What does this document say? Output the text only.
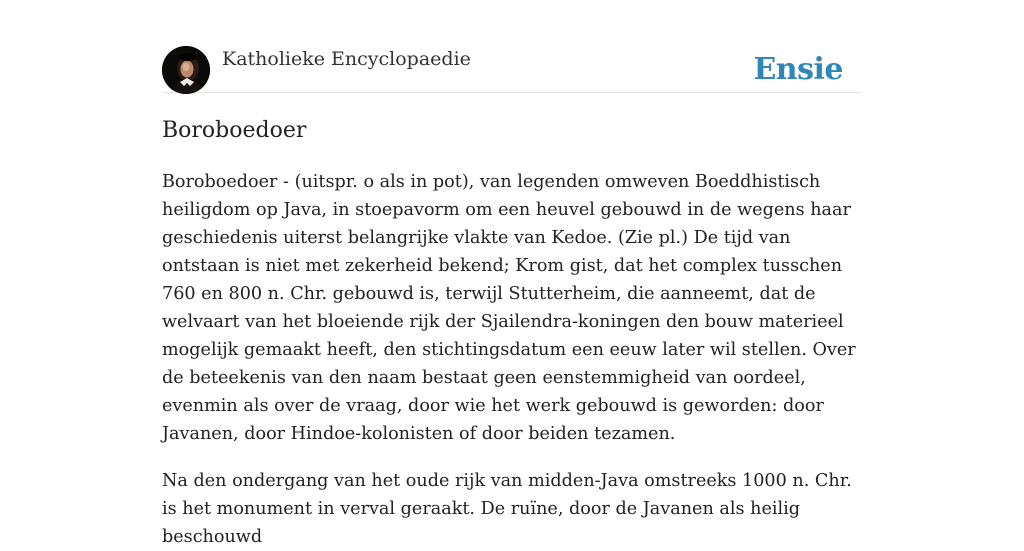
Katholieke Encyclopaedie	Ensie
Boroboedoer

Boroboedoer - (uitspr. o als in pot), van legenden omweven Boeddhistisch heiligdom op Java, in stoepavorm om een heuvel gebouwd in de wegens haar geschiedenis uiterst belangrijke vlakte van Kedoe. (Zie pl.) De tijd van ontstaan is niet met zekerheid bekend; Krom gist, dat het complex tusschen 760 en 800 n. Chr. gebouwd is, terwijl Stutterheim, die aanneemt, dat de welvaart van het bloeiende rijk der Sjailendra-koningen den bouw materieel mogelijk gemaakt heeft, den stichtingsdatum een eeuw later wil stellen. Over de beteekenis van den naam bestaat geen eenstemmigheid van oordeel, evenmin als over de vraag, door wie het werk gebouwd is geworden: door Javanen, door Hindoe-kolonisten of door beiden tezamen.

Na den ondergang van het oude rijk van midden-Java omstreeks 1000 n. Chr. is het monument in verval geraakt. De ruïne, door de Javanen als heilig beschouwd
